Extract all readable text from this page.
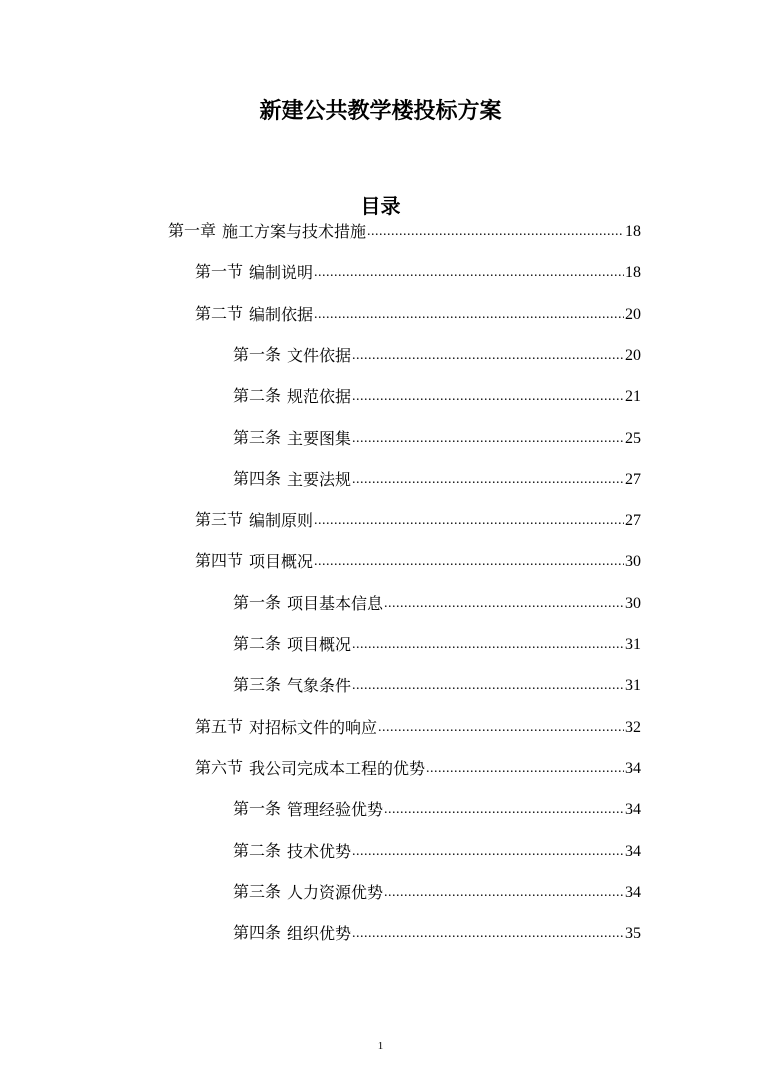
新建公共教学楼投标方案
目录
第一章 施工方案与技术措施 .....	18
第一节 编制说明 .....	18
第二节 编制依据 .....	20
第一条 文件依据 .....	20
第二条 规范依据 .....	21
第三条 主要图集 .....	25
第四条 主要法规 .....	27
第三节 编制原则 .....	27
第四节 项目概况 .....	30
第一条 项目基本信息 .....	30
第二条 项目概况 .....	31
第三条 气象条件 .....	31
第五节 对招标文件的响应 .....	32
第六节 我公司完成本工程的优势 .....	34
第一条 管理经验优势 .....	34
第二条 技术优势 .....	34
第三条 人力资源优势 .....	34
第四条 组织优势 .....	35
1
